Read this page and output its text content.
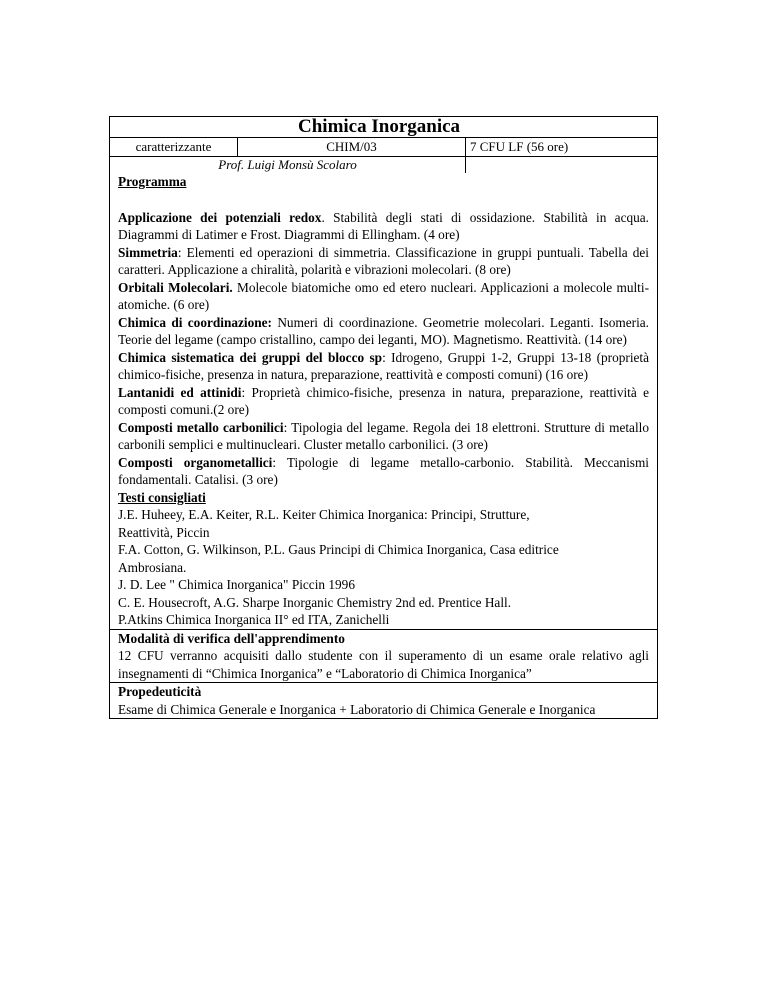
Chimica Inorganica
caratterizzante	CHIM/03	7 CFU LF (56 ore)
Prof. Luigi Monsù Scolaro
Programma
Applicazione dei potenziali redox. Stabilità degli stati di ossidazione. Stabilità in acqua. Diagrammi di Latimer e Frost. Diagrammi di Ellingham. (4 ore)
Simmetria: Elementi ed operazioni di simmetria. Classificazione in gruppi puntuali. Tabella dei caratteri. Applicazione a chiralità, polarità e vibrazioni molecolari. (8 ore)
Orbitali Molecolari. Molecole biatomiche omo ed etero nucleari. Applicazioni a molecole multi-atomiche. (6 ore)
Chimica di coordinazione: Numeri di coordinazione. Geometrie molecolari. Leganti. Isomeria. Teorie del legame (campo cristallino, campo dei leganti, MO). Magnetismo. Reattività. (14 ore)
Chimica sistematica dei gruppi del blocco sp: Idrogeno, Gruppi 1-2, Gruppi 13-18 (proprietà chimico-fisiche, presenza in natura, preparazione, reattività e composti comuni) (16 ore)
Lantanidi ed attinidi: Proprietà chimico-fisiche, presenza in natura, preparazione, reattività e composti comuni.(2 ore)
Composti metallo carbonilici: Tipologia del legame. Regola dei 18 elettroni. Strutture di metallo carbonili semplici e multinucleari. Cluster metallo carbonilici. (3 ore)
Composti organometallici: Tipologie di legame metallo-carbonio. Stabilità. Meccanismi fondamentali. Catalisi. (3 ore)
Testi consigliati
J.E. Huheey, E.A. Keiter, R.L. Keiter Chimica Inorganica: Principi, Strutture,
Reattività, Piccin
F.A. Cotton, G. Wilkinson, P.L. Gaus Principi di Chimica Inorganica, Casa editrice
Ambrosiana.
J. D. Lee " Chimica Inorganica" Piccin 1996
C. E. Housecroft, A.G. Sharpe Inorganic Chemistry 2nd ed. Prentice Hall.
P.Atkins Chimica Inorganica II° ed ITA, Zanichelli
Modalità di verifica dell'apprendimento
12 CFU verranno acquisiti dallo studente con il superamento di un esame orale relativo agli insegnamenti di “Chimica Inorganica” e “Laboratorio di Chimica Inorganica”
Propedeuticità
Esame di Chimica Generale e Inorganica + Laboratorio di Chimica Generale e Inorganica
